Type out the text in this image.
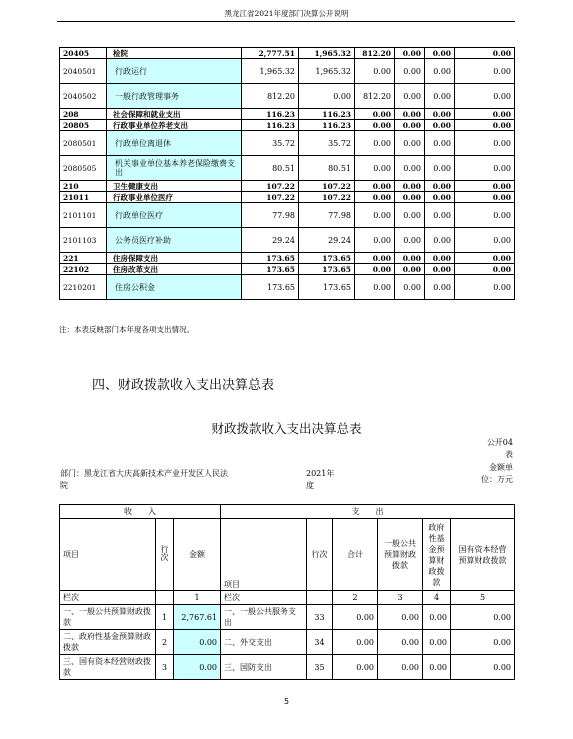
黑龙江省2021年度部门决算公开说明
20405	检院	2,777.51	1,965.32	812.20	0.00	0.00	0.00
2040501	行政运行	1,965.32	1,965.32	0.00	0.00	0.00	0.00
2040502	一般行政管理事务	812.20	0.00	812.20	0.00	0.00	0.00
208	社会保障和就业支出	116.23	116.23	0.00	0.00	0.00	0.00
20805	行政事业单位养老支出	116.23	116.23	0.00	0.00	0.00	0.00
2080501	行政单位离退休	35.72	35.72	0.00	0.00	0.00	0.00
2080505	机关事业单位基本养老保险缴费支出	80.51	80.51	0.00	0.00	0.00	0.00
210	卫生健康支出	107.22	107.22	0.00	0.00	0.00	0.00
21011	行政事业单位医疗	107.22	107.22	0.00	0.00	0.00	0.00
2101101	行政单位医疗	77.98	77.98	0.00	0.00	0.00	0.00
2101103	公务员医疗补助	29.24	29.24	0.00	0.00	0.00	0.00
221	住房保障支出	173.65	173.65	0.00	0.00	0.00	0.00
22102	住房改革支出	173.65	173.65	0.00	0.00	0.00	0.00
2210201	住房公积金	173.65	173.65	0.00	0.00	0.00	0.00
注：本表反映部门本年度各项支出情况。
四、财政拨款收入支出决算总表
财政拨款收入支出决算总表
公开04表
金额单位：万元
部门：黑龙江省大庆高新技术产业开发区人民法院
2021年度
收　　入			支　　出					
项目	行次	金额	项目	行次	合计	一般公共预算财政拨款	政府性基金预算财政拨款	国有资本经营预算财政拨款
栏次		1	栏次		2	3	4	5
一、一般公共预算财政拨款	1	2,767.61	一、一般公共服务支出	33	0.00	0.00	0.00	0.00
二、政府性基金预算财政拨款	2	0.00	二、外交支出	34	0.00	0.00	0.00	0.00
三、国有资本经营财政拨款	3	0.00	三、国防支出	35	0.00	0.00	0.00	0.00
5
